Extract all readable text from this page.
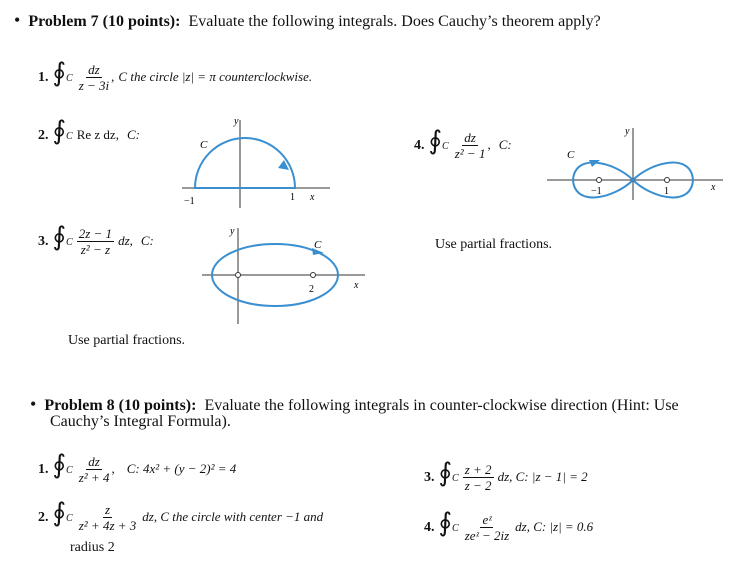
• Problem 7 (10 points): Evaluate the following integrals. Does Cauchy’s theorem apply?
1. ∮C $\frac{dz}{z - 3i}$ , C the circle |z| = π counterclockwise.
2. ∮C Re z dz, C:
y
C
−1	1 x
4. ∮C $\frac{dz}{\text{z² − 1}}$ , C:
y
C
−1	1	x
3. ∮C $\frac{2z - 1}{\text{z² − z}}$ dz, C:
y
C
2	x
Use partial fractions.
Use partial fractions.
• Problem 8 (10 points): Evaluate the following integrals in counter-clockwise direction (Hint: Use
Cauchy’s Integral Formula).
1. ∮C $\frac{dz}{\text{z² + 4}}$ , C: 4x² + (y − 2)² = 4
2. ∮C $\frac{z}{\text{z² + 4z + 3}}$ dz, C the circle with center −1 and
radius 2
3. ∮C $\frac{z + 2}{z - 2}$ dz, C: |z − 1| = 2
4. ∮C $\frac{\text{eᶻ}}{\text{zeᶻ − 2iz}}$ dz, C: |z| = 0.6
